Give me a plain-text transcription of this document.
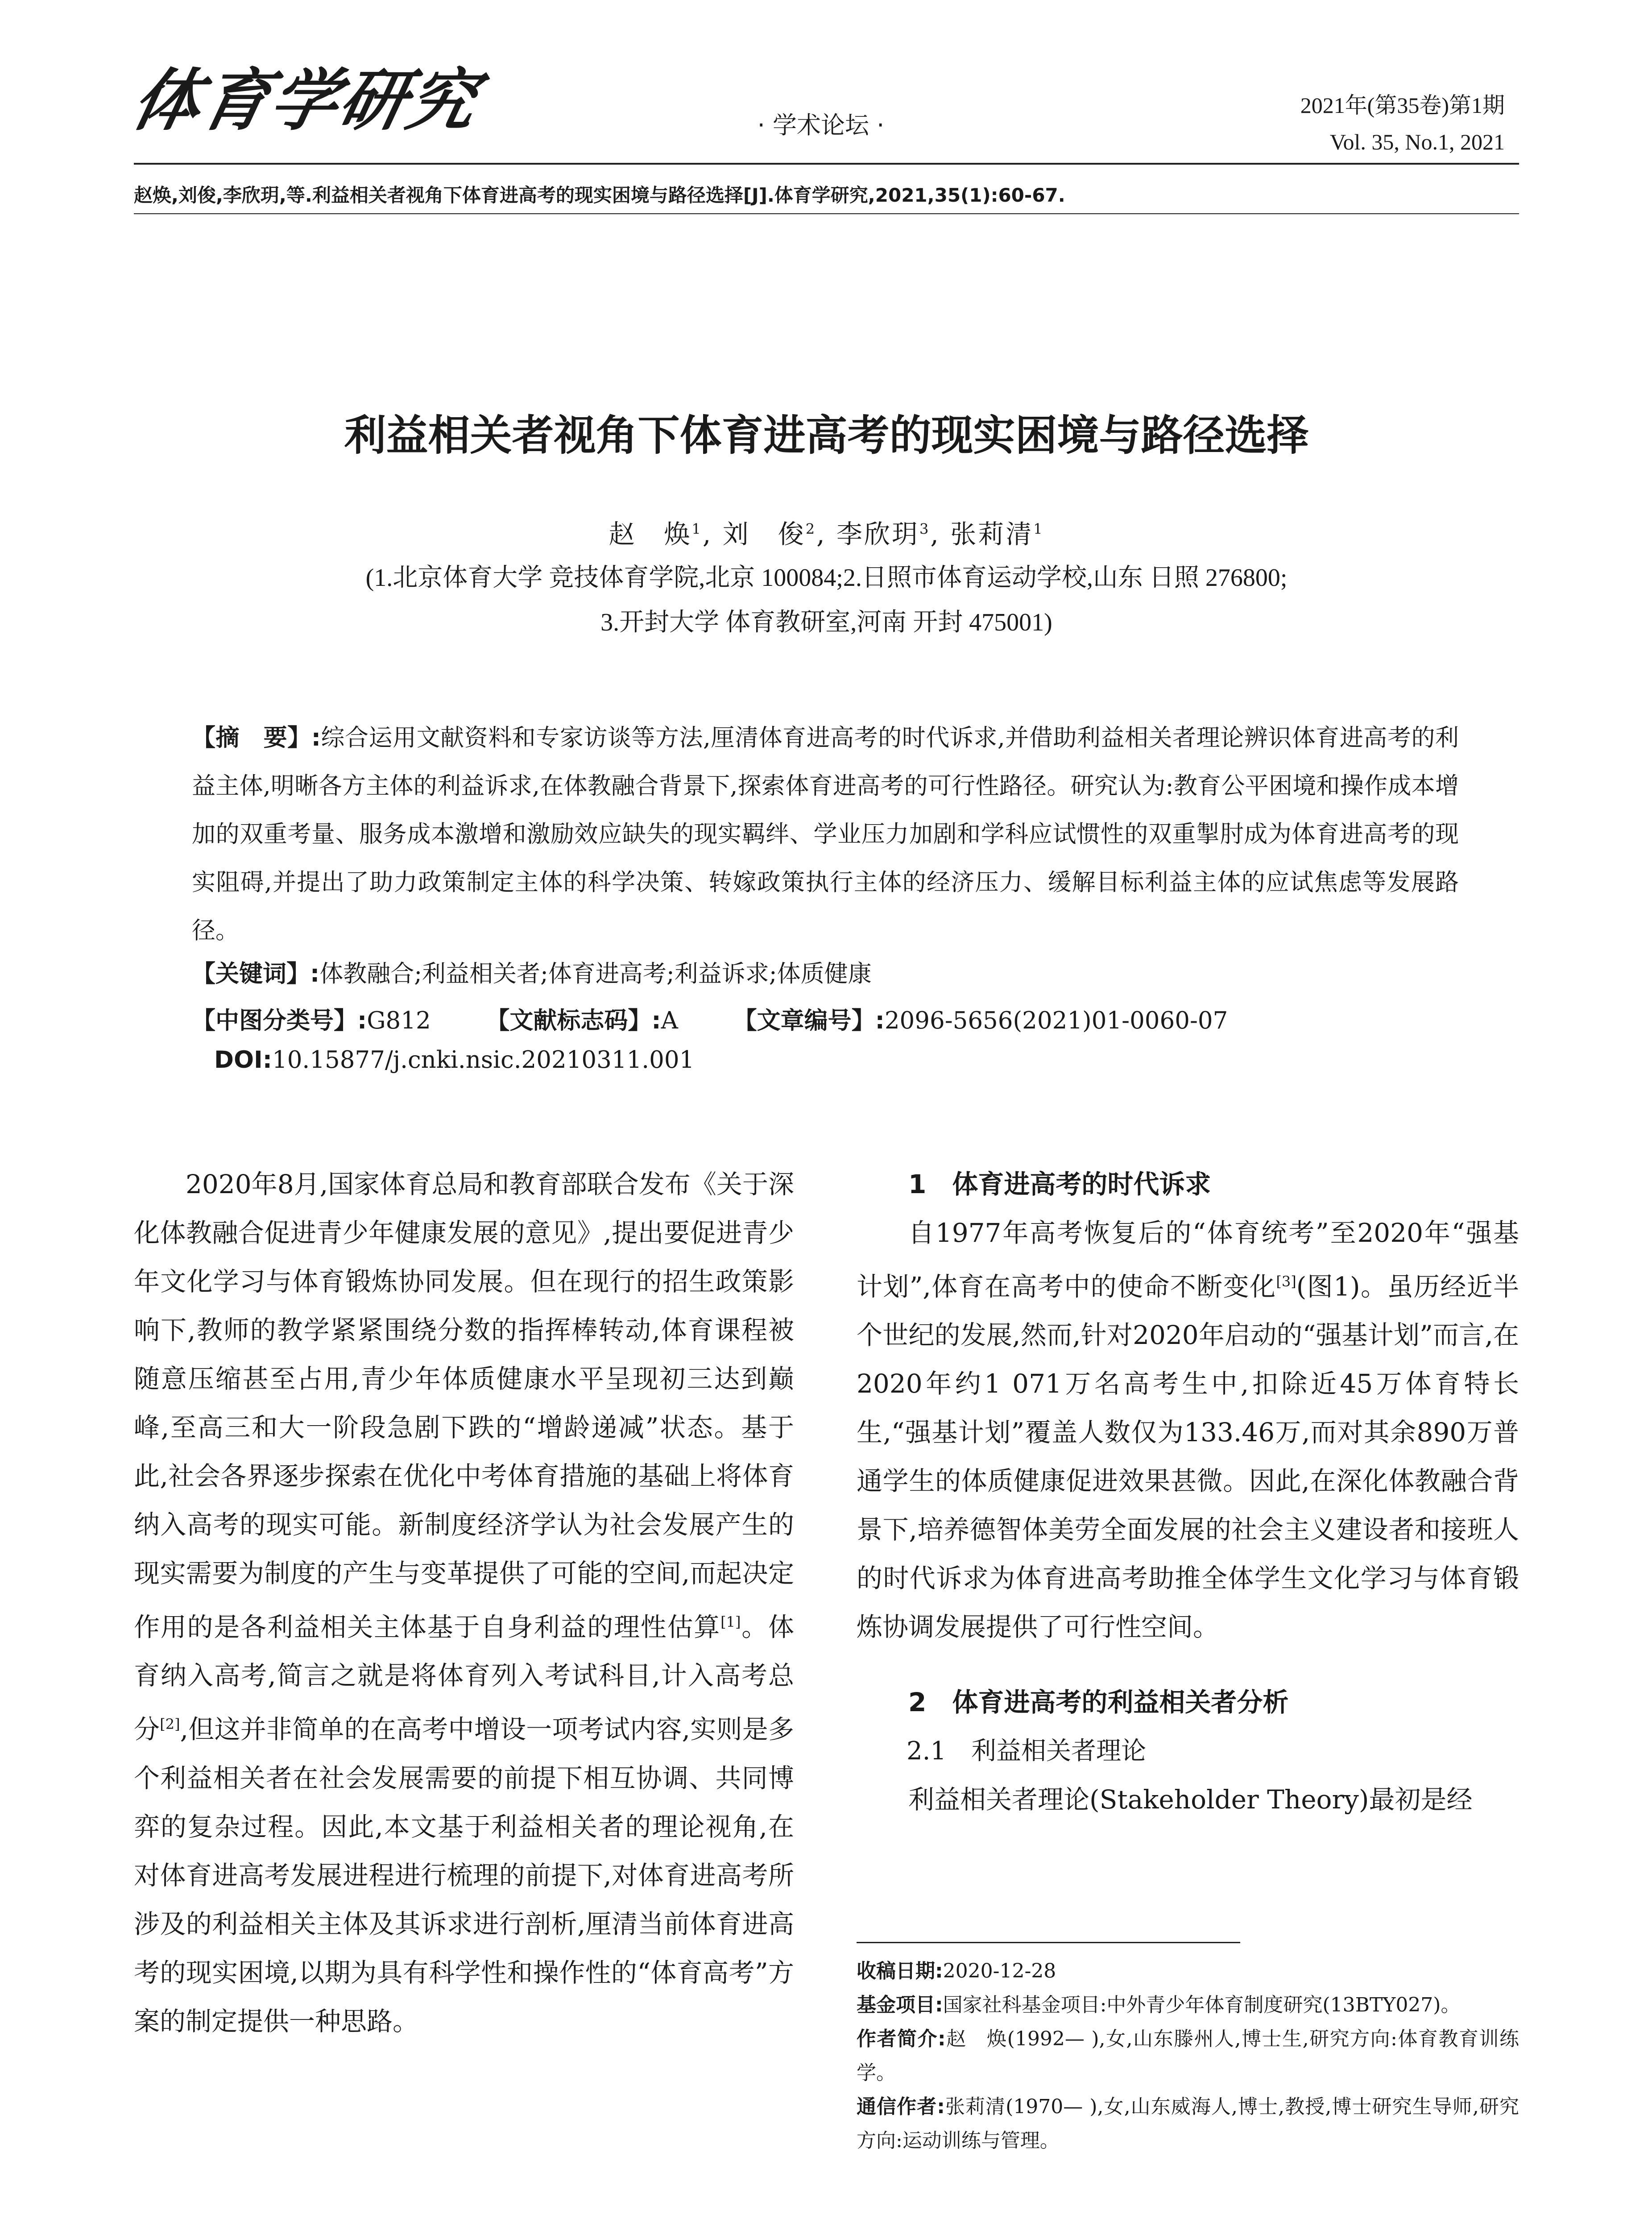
体育学研究	· 学术论坛 ·
2021年(第35卷)第1期
Vol. 35, No.1, 2021
赵焕,刘俊,李欣玥,等.利益相关者视角下体育进高考的现实困境与路径选择[J].体育学研究,2021,35(1):60-67.
利益相关者视角下体育进高考的现实困境与路径选择
赵　焕$^1$, 刘　俊$^2$, 李欣玥$^3$, 张莉清$^1$
(1.北京体育大学 竞技体育学院,北京 100084;2.日照市体育运动学校,山东 日照 276800;
3.开封大学 体育教研室,河南 开封 475001)
【摘　要】:综合运用文献资料和专家访谈等方法,厘清体育进高考的时代诉求,并借助利益相关者理论辨识体育进高考的利益主体,明晰各方主体的利益诉求,在体教融合背景下,探索体育进高考的可行性路径。研究认为:教育公平困境和操作成本增加的双重考量、服务成本激增和激励效应缺失的现实羁绊、学业压力加剧和学科应试惯性的双重掣肘成为体育进高考的现实阻碍,并提出了助力政策制定主体的科学决策、转嫁政策执行主体的经济压力、缓解目标利益主体的应试焦虑等发展路径。
【关键词】:体教融合;利益相关者;体育进高考;利益诉求;体质健康
【中图分类号】:G812 【文献标志码】:A 【文章编号】:2096-5656(2021)01-0060-07
DOI:10.15877/j.cnki.nsic.20210311.001

2020年8月,国家体育总局和教育部联合发布《关于深化体教融合促进青少年健康发展的意见》,提出要促进青少年文化学习与体育锻炼协同发展。但在现行的招生政策影响下,教师的教学紧紧围绕分数的指挥棒转动,体育课程被随意压缩甚至占用,青少年体质健康水平呈现初三达到巅峰,至高三和大一阶段急剧下跌的“增龄递减”状态。基于此,社会各界逐步探索在优化中考体育措施的基础上将体育纳入高考的现实可能。新制度经济学认为社会发展产生的现实需要为制度的产生与变革提供了可能的空间,而起决定作用的是各利益相关主体基于自身利益的理性估算[1]。体育纳入高考,简言之就是将体育列入考试科目,计入高考总分[2],但这并非简单的在高考中增设一项考试内容,实则是多个利益相关者在社会发展需要的前提下相互协调、共同博弈的复杂过程。因此,本文基于利益相关者的理论视角,在对体育进高考发展进程进行梳理的前提下,对体育进高考所涉及的利益相关主体及其诉求进行剖析,厘清当前体育进高考的现实困境,以期为具有科学性和操作性的“体育高考”方案的制定提供一种思路。

1　体育进高考的时代诉求

自1977年高考恢复后的“体育统考”至2020年“强基计划”,体育在高考中的使命不断变化[3](图1)。虽历经近半个世纪的发展,然而,针对2020年启动的“强基计划”而言,在2020年约1 071万名高考生中,扣除近45万体育特长生,“强基计划”覆盖人数仅为133.46万,而对其余890万普通学生的体质健康促进效果甚微。因此,在深化体教融合背景下,培养德智体美劳全面发展的社会主义建设者和接班人的时代诉求为体育进高考助推全体学生文化学习与体育锻炼协调发展提供了可行性空间。

2　体育进高考的利益相关者分析

2.1　利益相关者理论

利益相关者理论(Stakeholder Theory)最初是经

收稿日期:2020-12-28

基金项目:国家社科基金项目:中外青少年体育制度研究(13BTY027)。

作者简介:赵　焕(1992— ),女,山东滕州人,博士生,研究方向:体育教育训练学。

通信作者:张莉清(1970— ),女,山东威海人,博士,教授,博士研究生导师,研究方向:运动训练与管理。
